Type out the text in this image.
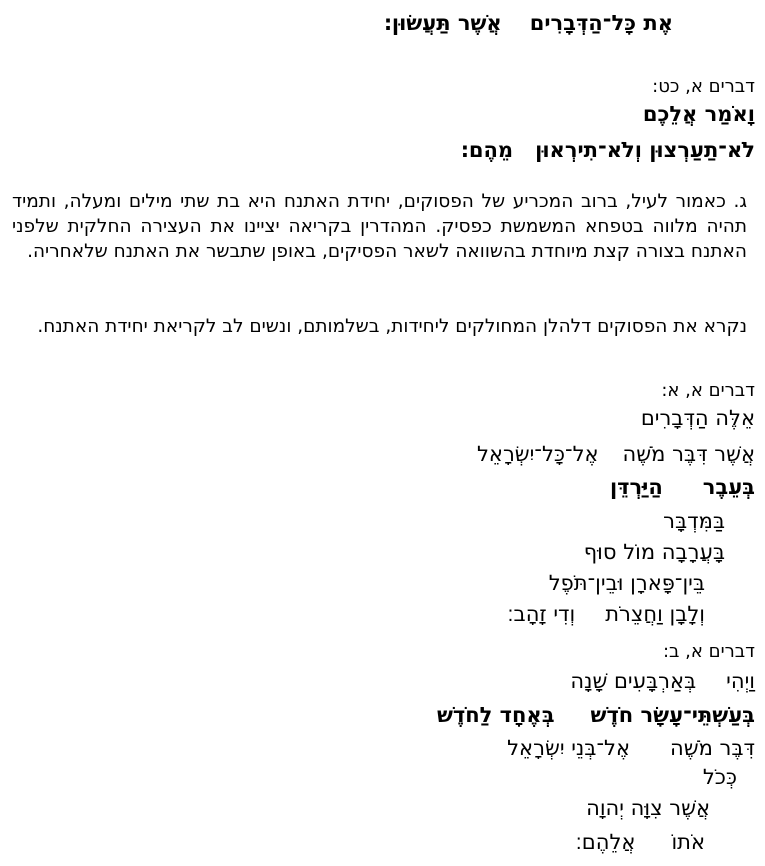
אֶת כָּל־הַדְּבָרִיםאֲשֶׁר תַּעֲשׂוּן׃
דברים א, כט:
וָאֹמַר אֲלֵכֶם
לֹא־תַעַרְצוּן וְלֹא־תִירְאוּןמֵהֶם׃
ג. כאמור לעיל, ברוב המכריע של הפסוקים, יחידת האתנח היא בת שתי מילים ומעלה, ותמיד תהיה מלווה בטפחא המשמשת כפסיק. המהדרין בקריאה יציינו את העצירה החלקית שלפני האתנח בצורה קצת מיוחדת בהשוואה לשאר הפסיקים, באופן שתבשר את האתנח שלאחריה.
נקרא את הפסוקים דלהלן המחולקים ליחידות, בשלמותם, ונשים לב לקריאת יחידת האתנח.
דברים א, א:
אֵלֶּה הַדְּבָרִים
אֲשֶׁר דִּבֶּר מֹשֶׁהאֶל־כָּל־יִשְׂרָאֵל
בְּעֵבֶרהַיַּרְדֵּן
בַּמִּדְבָּר
בָּעֲרָבָה מוֹל סוּף
בֵּין־פָּארָן וּבֵין־תֹּפֶל
וְלָבָן וַחֲצֵרֹתוְדִי זָהָב׃
דברים א, ב:
וַיְהִיבְּאַרְבָּעִים שָׁנָה
בְּעַשְׁתֵּי־עָשָׂר חֹדֶשׁבְּאֶחָד לַחֹדֶשׁ
דִּבֶּר מֹשֶׁהאֶל־בְּנֵי יִשְׂרָאֵל
כְּכֹל
אֲשֶׁר צִוָּה יְהוָה
אֹתוֹאֲלֵהֶם׃
